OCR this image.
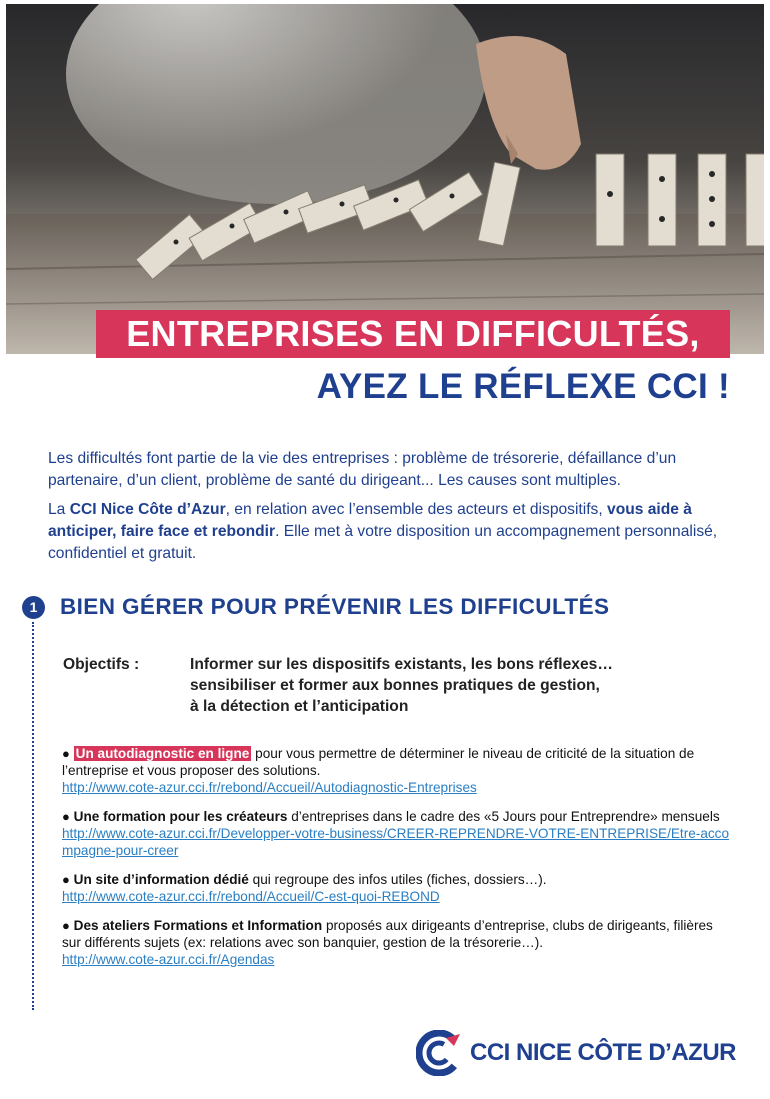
ENTREPRISES EN DIFFICULTÉS,
AYEZ LE RÉFLEXE CCI !

Les difficultés font partie de la vie des entreprises : problème de trésorerie, défaillance d’un partenaire, d’un client, problème de santé du dirigeant... Les causes sont multiples.

La CCI Nice Côte d’Azur, en relation avec l’ensemble des acteurs et dispositifs, vous aide à anticiper, faire face et rebondir. Elle met à votre disposition un accompagnement personnalisé, confidentiel et gratuit.

1	BIEN GÉRER POUR PRÉVENIR LES DIFFICULTÉS
Objectifs :	Informer sur les dispositifs existants, les bons réflexes…
sensibiliser et former aux bonnes pratiques de gestion,
à la détection et l’anticipation
● Un autodiagnostic en ligne pour vous permettre de déterminer le niveau de criticité de la situation de l’entreprise et vous proposer des solutions.
http://www.cote-azur.cci.fr/rebond/Accueil/Autodiagnostic-Entreprises
● Une formation pour les créateurs d’entreprises dans le cadre des «5 Jours pour Entreprendre» mensuels
http://www.cote-azur.cci.fr/Developper-votre-business/CREER-REPRENDRE-VOTRE-ENTREPRISE/Etre-accompagne-pour-creer
● Un site d’information dédié qui regroupe des infos utiles (fiches, dossiers…).
http://www.cote-azur.cci.fr/rebond/Accueil/C-est-quoi-REBOND
● Des ateliers Formations et Information proposés aux dirigeants d’entreprise, clubs de dirigeants, filières sur différents sujets (ex: relations avec son banquier, gestion de la trésorerie…).
http://www.cote-azur.cci.fr/Agendas
CCI NICE CÔTE D’AZUR
